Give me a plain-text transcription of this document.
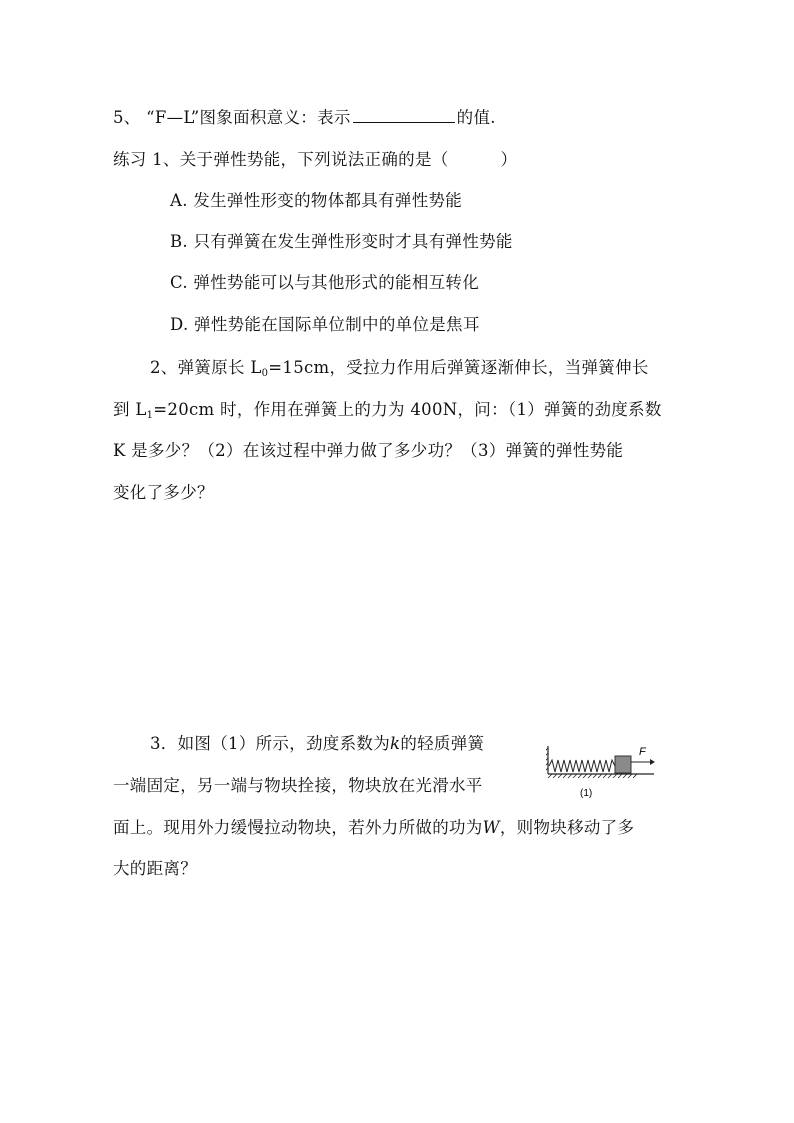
5、 “F—L”图象面积意义：表示	的值.
练习 1、关于弹性势能，下列说法正确的是（	）
A. 发生弹性形变的物体都具有弹性势能
B. 只有弹簧在发生弹性形变时才具有弹性势能
C. 弹性势能可以与其他形式的能相互转化
D. 弹性势能在国际单位制中的单位是焦耳
2、弹簧原长 $L_0=15cm$，受拉力作用后弹簧逐渐伸长，当弹簧伸长
到 $L_1=20cm$ 时，作用在弹簧上的力为 400N，问：（1）弹簧的劲度系数
K 是多少？（2）在该过程中弹力做了多少功？（3）弹簧的弹性势能
变化了多少？
3．如图（1）所示，劲度系数为k的轻质弹簧
一端固定，另一端与物块拴接，物块放在光滑水平
面上。现用外力缓慢拉动物块，若外力所做的功为W，则物块移动了多
大的距离？
F
(1)
